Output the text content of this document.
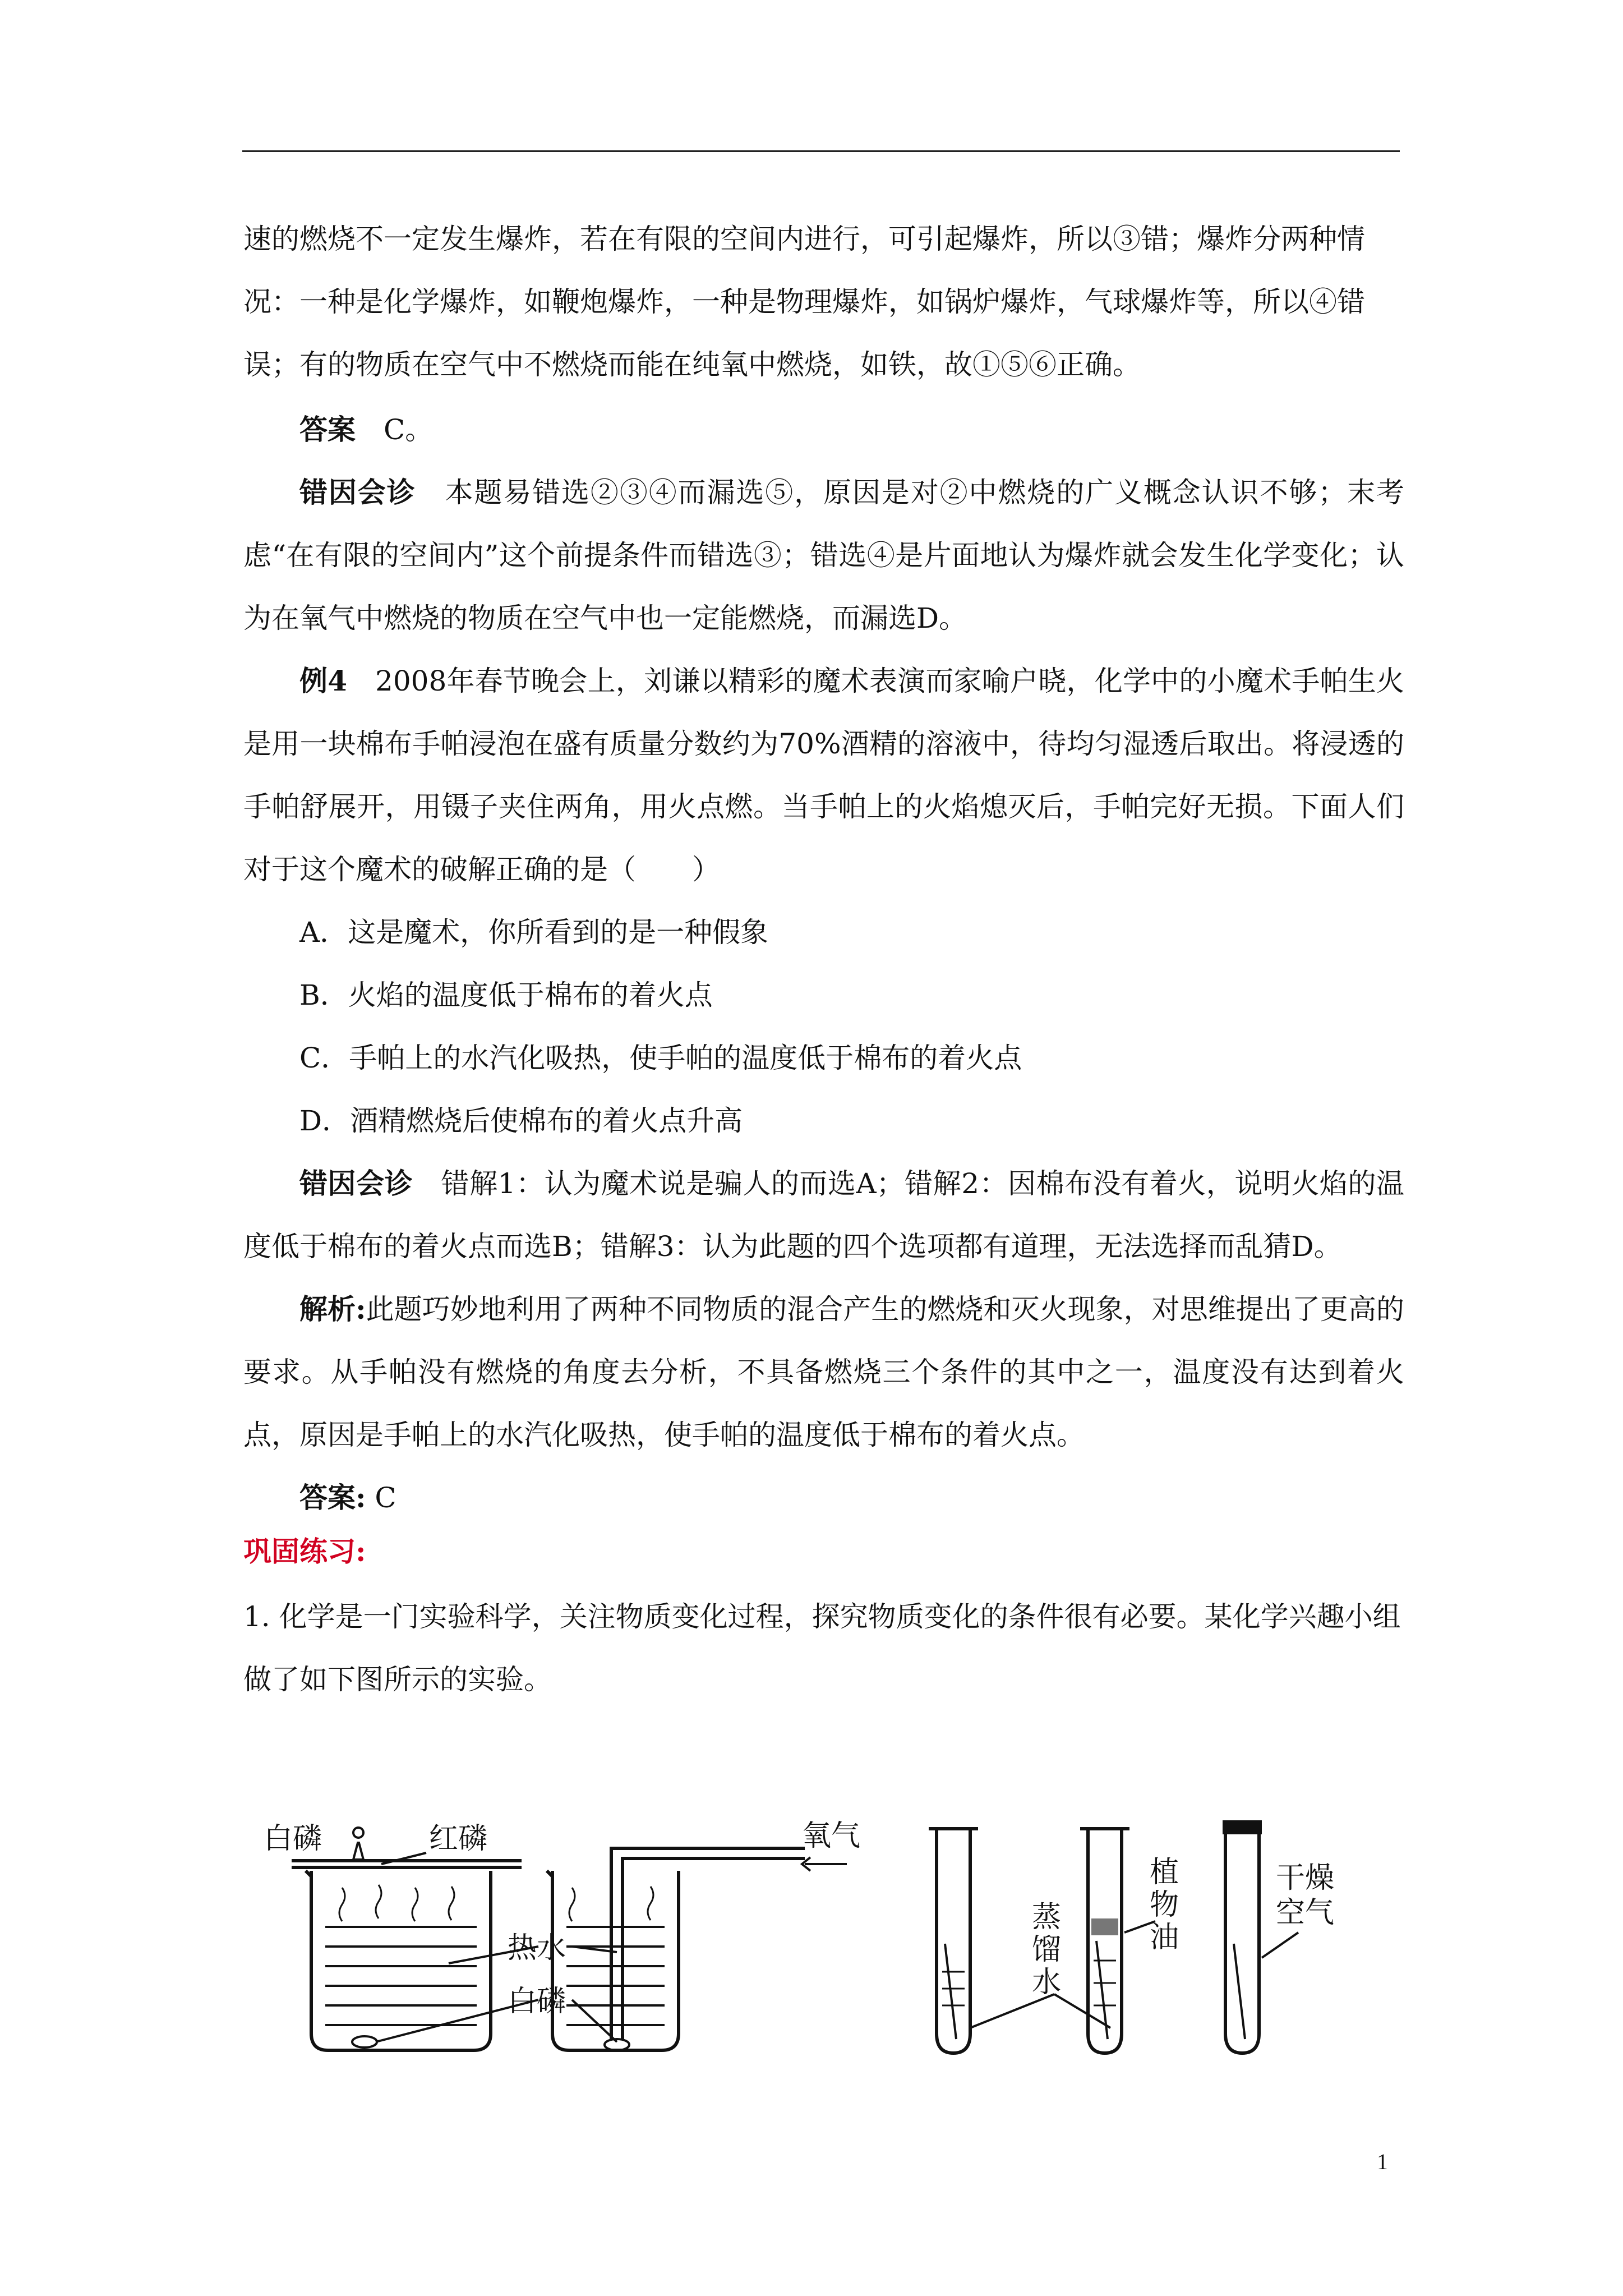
速的燃烧不一定发生爆炸，若在有限的空间内进行，可引起爆炸，所以③错；爆炸分两种情况：一种是化学爆炸，如鞭炮爆炸，一种是物理爆炸，如锅炉爆炸，气球爆炸等，所以④错误；有的物质在空气中不燃烧而能在纯氧中燃烧，如铁，故①⑤⑥正确。

答案  C。

错因会诊  本题易错选②③④而漏选⑤，原因是对②中燃烧的广义概念认识不够；末考虑“在有限的空间内”这个前提条件而错选③；错选④是片面地认为爆炸就会发生化学变化；认为在氧气中燃烧的物质在空气中也一定能燃烧，而漏选D。

例4  2008年春节晚会上，刘谦以精彩的魔术表演而家喻户晓，化学中的小魔术手帕生火是用一块棉布手帕浸泡在盛有质量分数约为70%酒精的溶液中，待均匀湿透后取出。将浸透的手帕舒展开，用镊子夹住两角，用火点燃。当手帕上的火焰熄灭后，手帕完好无损。下面人们对于这个魔术的破解正确的是（　　）

A．这是魔术，你所看到的是一种假象

B．火焰的温度低于棉布的着火点

C．手帕上的水汽化吸热，使手帕的温度低于棉布的着火点

D．酒精燃烧后使棉布的着火点升高

错因会诊  错解1：认为魔术说是骗人的而选A；错解2：因棉布没有着火，说明火焰的温度低于棉布的着火点而选B；错解3：认为此题的四个选项都有道理，无法选择而乱猜D。

解析:此题巧妙地利用了两种不同物质的混合产生的燃烧和灭火现象，对思维提出了更高的要求。从手帕没有燃烧的角度去分析，不具备燃烧三个条件的其中之一，温度没有达到着火点，原因是手帕上的水汽化吸热，使手帕的温度低于棉布的着火点。

答案: C

巩固练习:

1. 化学是一门实验科学，关注物质变化过程，探究物质变化的条件很有必要。某化学兴趣小组做了如下图所示的实验。

白磷	红磷	氧气
热水
白磷
蒸馏水
植物油
干燥空气
1
